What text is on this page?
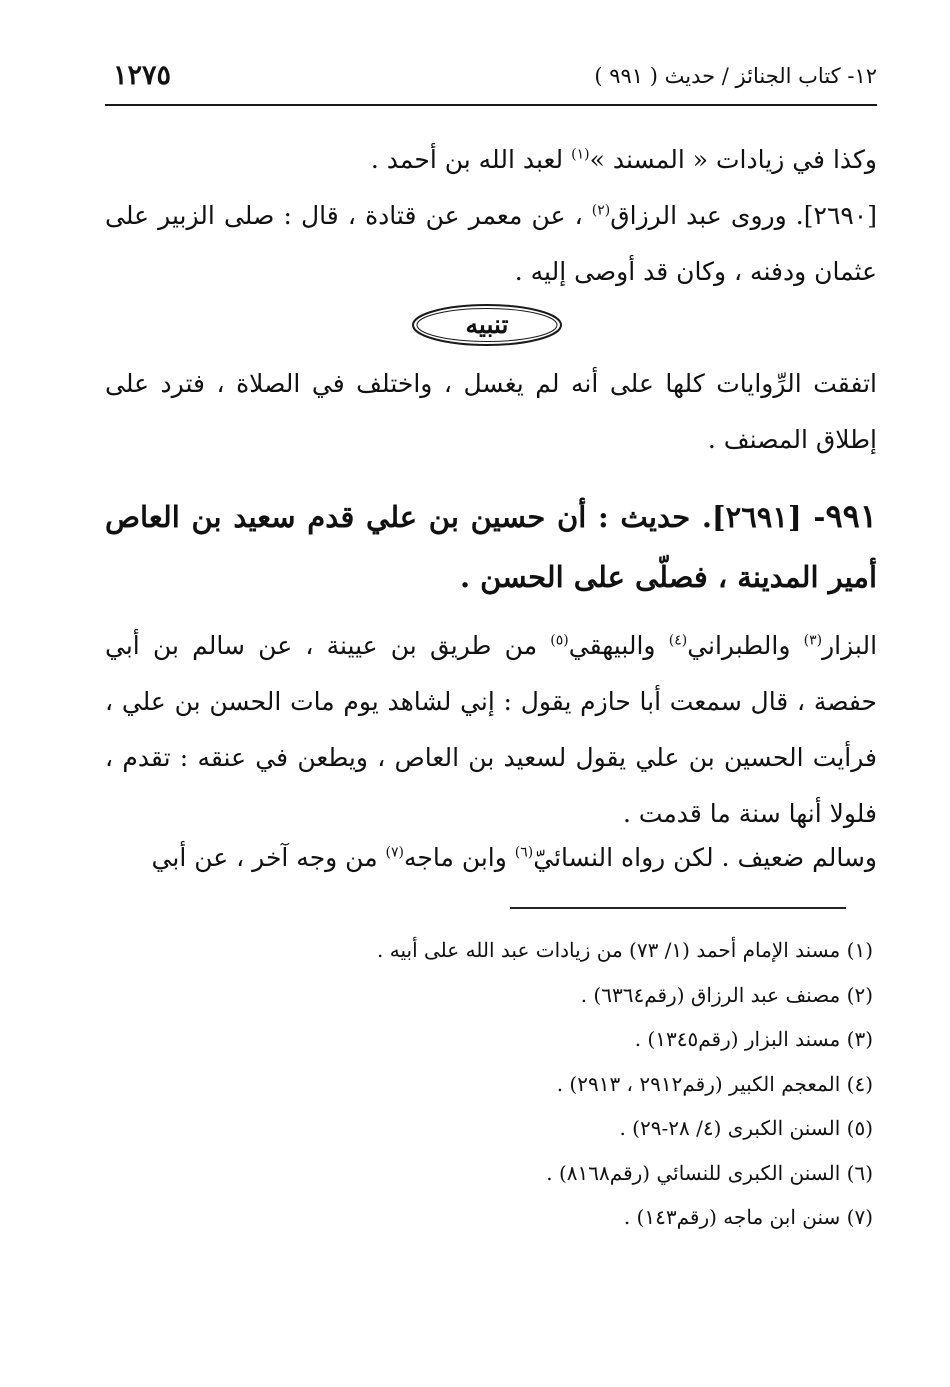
١٢- كتاب الجنائز / حديث ( ٩٩١ )
١٢٧٥
وكذا في زيادات « المسند »$^{(١)}$ لعبد الله بن أحمد .
[٢٦٩٠]. وروى عبد الرزاق$^{(٢)}$ ، عن معمر عن قتادة ، قال : صلى الزبير على عثمان ودفنه ، وكان قد أوصى إليه .
تنبيه
اتفقت الرِّوايات كلها على أنه لم يغسل ، واختلف في الصلاة ، فترد على إطلاق المصنف .
٩٩١- [٢٦٩١]. حديث : أن حسين بن علي قدم سعيد بن العاص أمير المدينة ، فصلّى على الحسن .
البزار$^{(٣)}$ والطبراني$^{(٤)}$ والبيهقي$^{(٥)}$ من طريق بن عيينة ، عن سالم بن أبي حفصة ، قال سمعت أبا حازم يقول : إني لشاهد يوم مات الحسن بن علي ، فرأيت الحسين بن علي يقول لسعيد بن العاص ، ويطعن في عنقه : تقدم ، فلولا أنها سنة ما قدمت .
وسالم ضعيف . لكن رواه النسائيّ$^{(٦)}$ وابن ماجه$^{(٧)}$ من وجه آخر ، عن أبي
(١) مسند الإمام أحمد (١/ ٧٣) من زيادات عبد الله على أبيه .
(٢) مصنف عبد الرزاق (رقم٦٣٦٤) .
(٣) مسند البزار (رقم١٣٤٥) .
(٤) المعجم الكبير (رقم٢٩١٢ ، ٢٩١٣) .
(٥) السنن الكبرى (٤/ ٢٨-٢٩) .
(٦) السنن الكبرى للنسائي (رقم٨١٦٨) .
(٧) سنن ابن ماجه (رقم١٤٣) .
